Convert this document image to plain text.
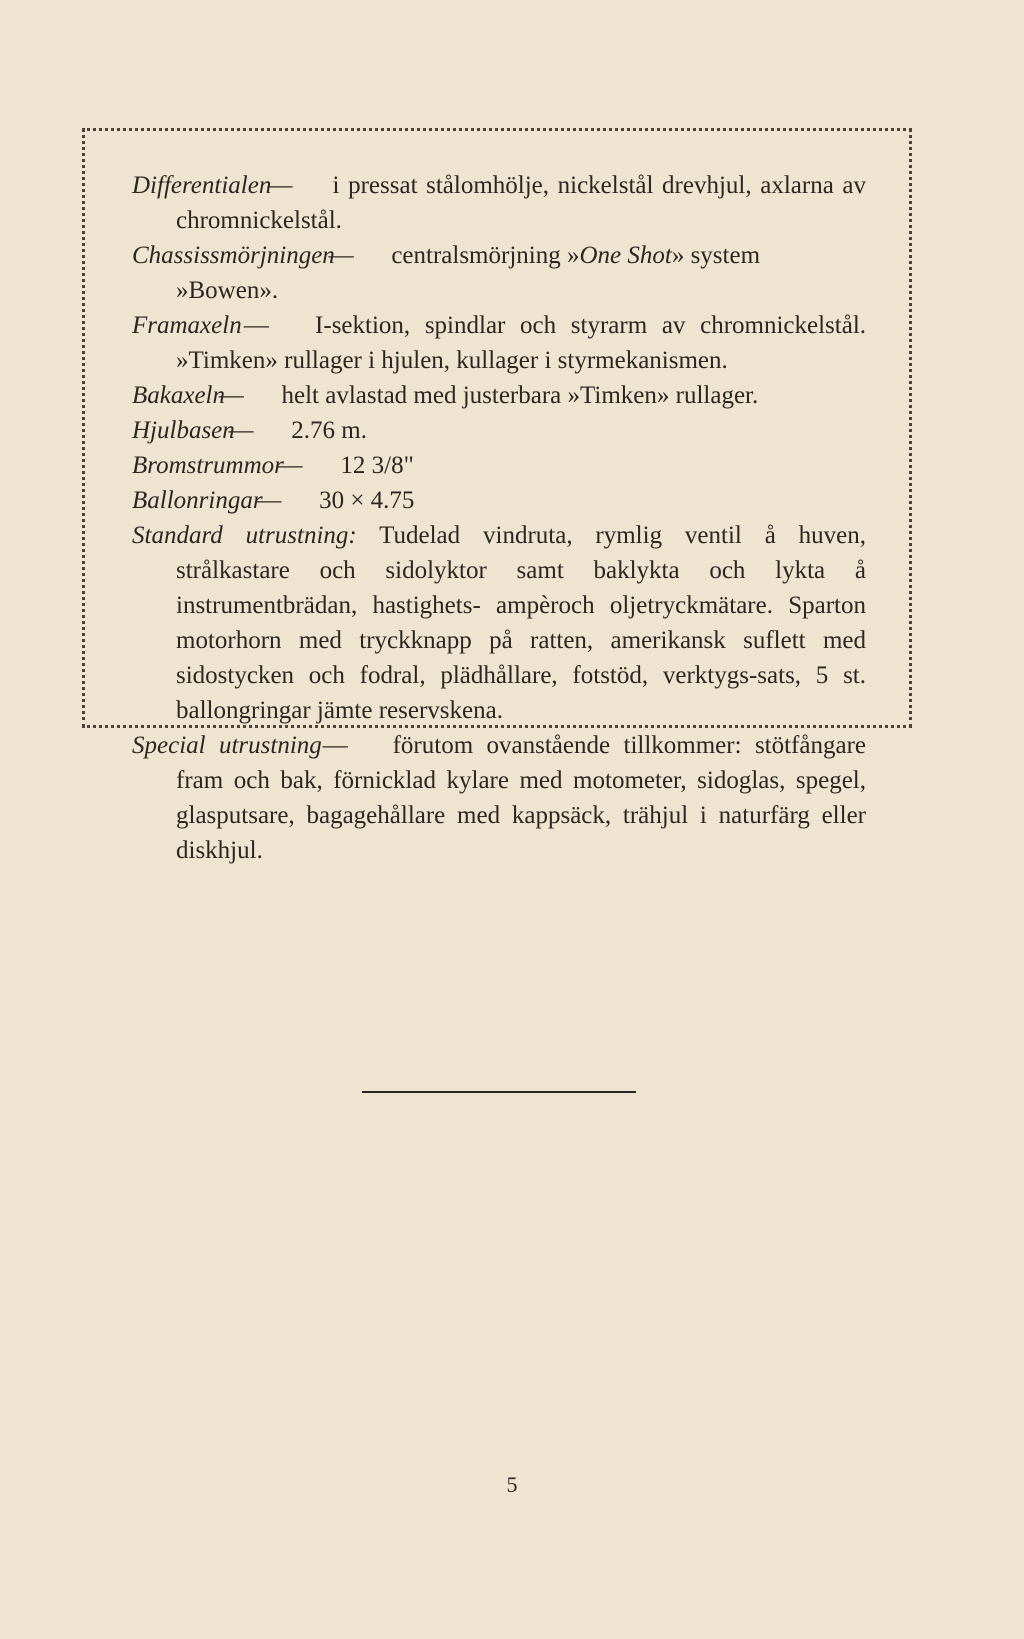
Differentialen — i pressat stålomhölje, nickelstål drevhjul, axlarna av chromnickelstål.

Chassissmörjningen — centralsmörjning »One Shot» system »Bowen».

Framaxeln — I-sektion, spindlar och styrarm av chromnickelstål. »Timken» rullager i hjulen, kullager i styrmekanismen.

Bakaxeln — helt avlastad med justerbara »Timken» rullager.

Hjulbasen — 2.76 m.

Bromstrummor — 12 3/8"

Ballonringar — 30 × 4.75

Standard utrustning: Tudelad vindruta, rymlig ventil å huven, strålkastare och sidolyktor samt baklykta och lykta å instrumentbrädan, hastighets- ampèroch oljetryckmätare. Sparton motorhorn med tryckknapp på ratten, amerikansk suflett med sidostycken och fodral, plädhållare, fotstöd, verktygs-sats, 5 st. ballongringar jämte reservskena.

Special utrustning — förutom ovanstående tillkommer: stötfångare fram och bak, förnicklad kylare med motometer, sidoglas, spegel, glasputsare, bagagehållare med kappsäck, trähjul i naturfärg eller diskhjul.

5
